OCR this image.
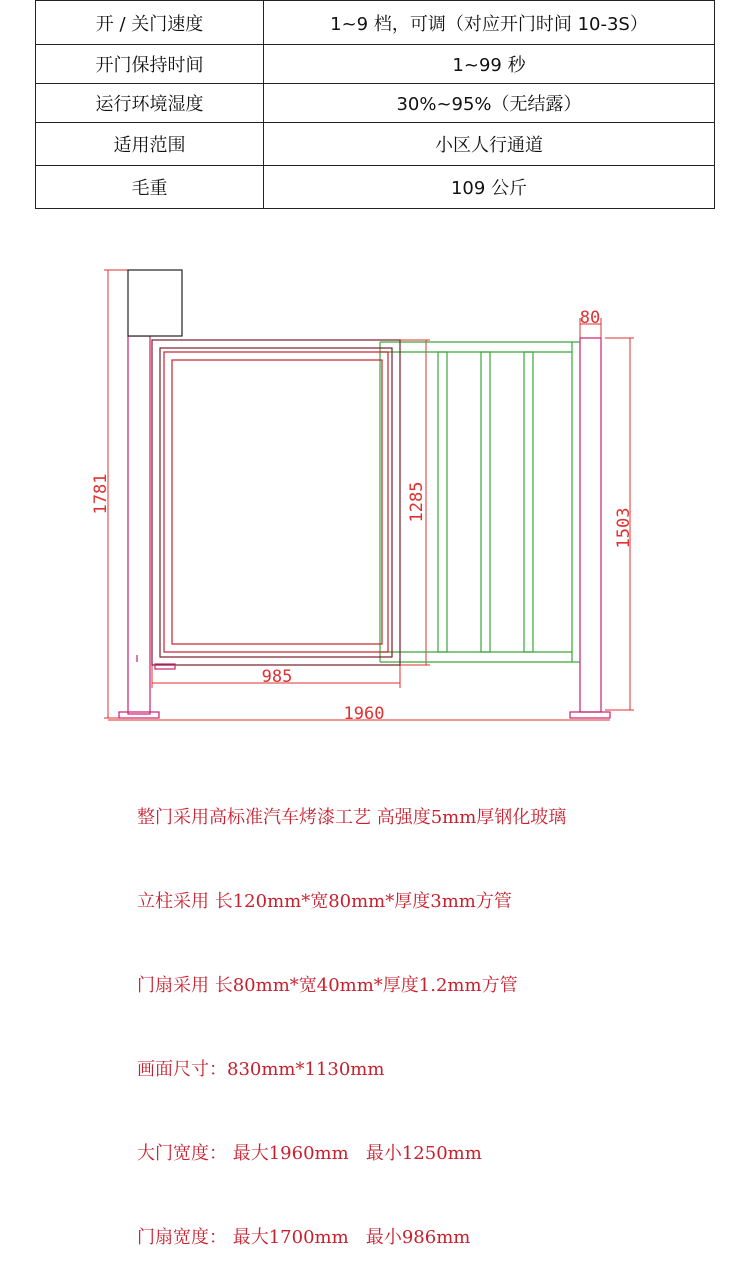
开 / 关门速度	1~9 档，可调（对应开门时间 10-3S）
开门保持时间	1~99 秒
运行环境湿度	30%~95%（无结露）
适用范围	小区人行通道
毛重	109 公斤
1781	1285
1503
80
985
1960

整门采用高标准汽车烤漆工艺 高强度5mm厚钢化玻璃

立柱采用 长120mm*宽80mm*厚度3mm方管

门扇采用 长80mm*宽40mm*厚度1.2mm方管

画面尺寸：830mm*1130mm

大门宽度： 最大1960mm   最小1250mm

门扇宽度： 最大1700mm   最小986mm
